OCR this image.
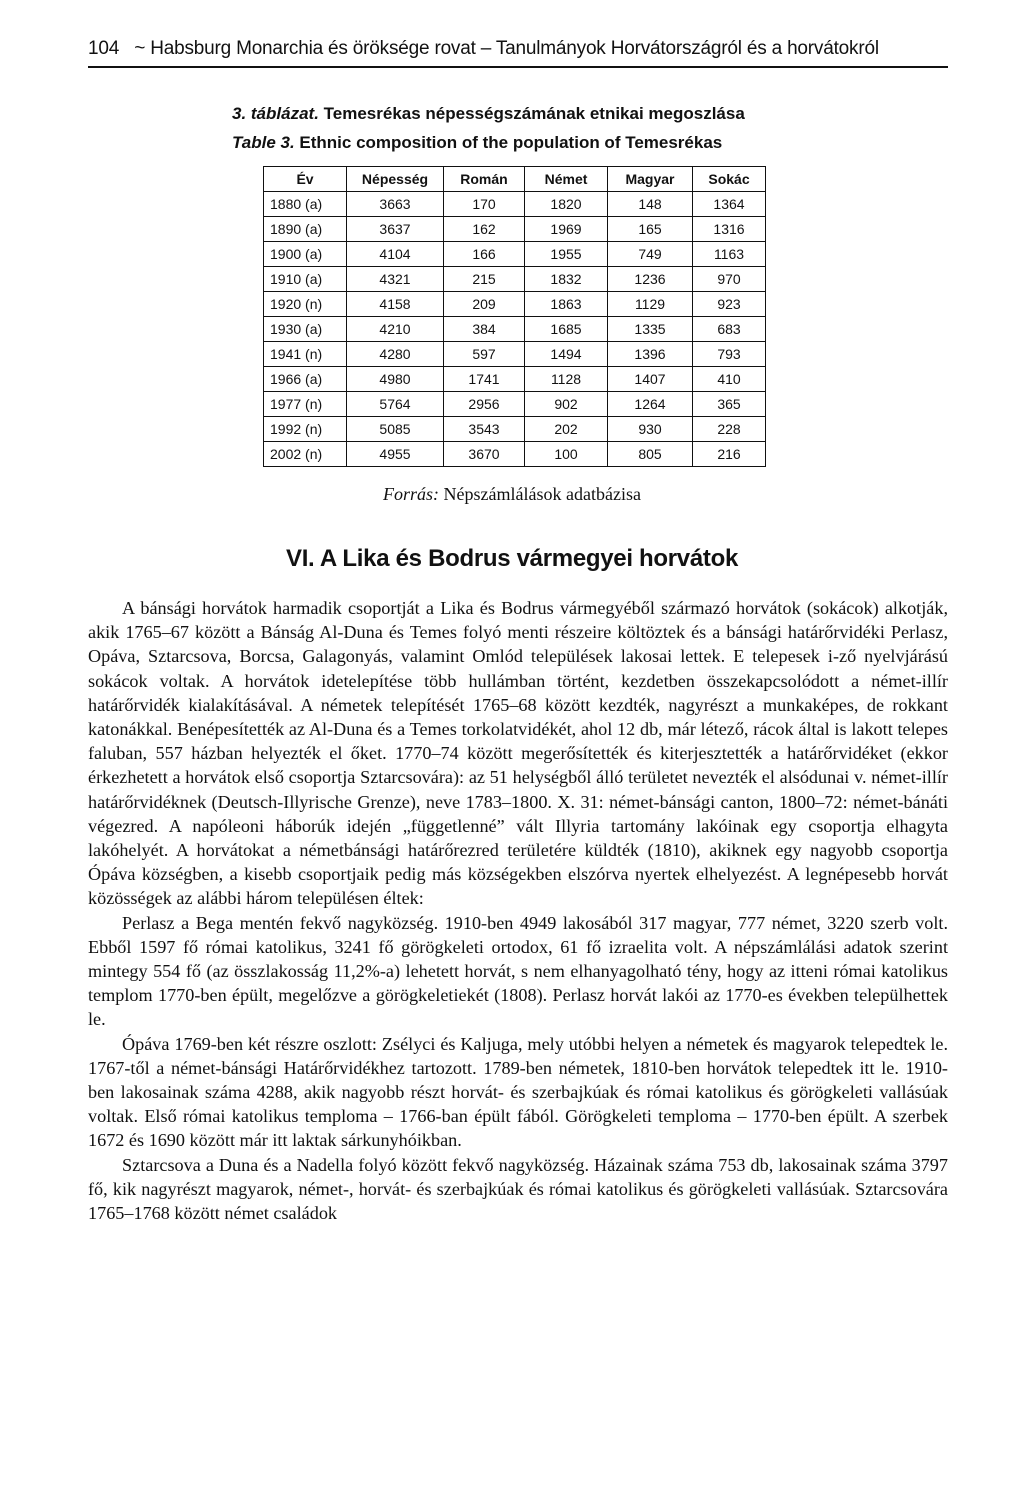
104 ~ Habsburg Monarchia és öröksége rovat – Tanulmányok Horvátországról és a horvátokról
3. táblázat. Temesrékas népességszámának etnikai megoszlása
Table 3. Ethnic composition of the population of Temesrékas
Év	Népesség	Román	Német	Magyar	Sokác
1880 (a)	3663	170	1820	148	1364
1890 (a)	3637	162	1969	165	1316
1900 (a)	4104	166	1955	749	1163
1910 (a)	4321	215	1832	1236	970
1920 (n)	4158	209	1863	1129	923
1930 (a)	4210	384	1685	1335	683
1941 (n)	4280	597	1494	1396	793
1966 (a)	4980	1741	1128	1407	410
1977 (n)	5764	2956	902	1264	365
1992 (n)	5085	3543	202	930	228
2002 (n)	4955	3670	100	805	216
Forrás: Népszámlálások adatbázisa
VI. A Lika és Bodrus vármegyei horvátok

A bánsági horvátok harmadik csoportját a Lika és Bodrus vármegyéből származó horvátok (sokácok) alkotják, akik 1765–67 között a Bánság Al-Duna és Temes folyó menti részeire költöztek és a bánsági határőrvidéki Perlasz, Opáva, Sztarcsova, Borcsa, Galagonyás, valamint Omlód települések lakosai lettek. E telepesek i-ző nyelvjárású sokácok voltak. A horvátok idetelepítése több hullámban történt, kezdetben összekapcsolódott a német-illír határőrvidék kialakításával. A németek telepítését 1765–68 között kezdték, nagyrészt a munkaképes, de rokkant katonákkal. Benépesítették az Al-Duna és a Temes torkolatvidékét, ahol 12 db, már létező, rácok által is lakott telepes faluban, 557 házban helyezték el őket. 1770–74 között megerősítették és kiterjesztették a határőrvidéket (ekkor érkezhetett a horvátok első csoportja Sztarcsovára): az 51 helységből álló területet nevezték el alsódunai v. német-illír határőrvidéknek (Deutsch-Illyrische Grenze), neve 1783–1800. X. 31: német-bánsági canton, 1800–72: német-bánáti végezred. A napóleoni háborúk idején „függetlenné” vált Illyria tartomány lakóinak egy csoportja elhagyta lakóhelyét. A horvátokat a németbánsági határőrezred területére küldték (1810), akiknek egy nagyobb csoportja Ópáva községben, a kisebb csoportjaik pedig más községekben elszórva nyertek elhelyezést. A legnépesebb horvát közösségek az alábbi három településen éltek:

Perlasz a Bega mentén fekvő nagyközség. 1910-ben 4949 lakosából 317 magyar, 777 német, 3220 szerb volt. Ebből 1597 fő római katolikus, 3241 fő görögkeleti ortodox, 61 fő izraelita volt. A népszámlálási adatok szerint mintegy 554 fő (az összlakosság 11,2%-a) lehetett horvát, s nem elhanyagolható tény, hogy az itteni római katolikus templom 1770-ben épült, megelőzve a görögkeletiekét (1808). Perlasz horvát lakói az 1770-es években települhettek le.

Ópáva 1769-ben két részre oszlott: Zsélyci és Kaljuga, mely utóbbi helyen a németek és magyarok telepedtek le. 1767-től a német-bánsági Határőrvidékhez tartozott. 1789-ben németek, 1810-ben horvátok telepedtek itt le. 1910-ben lakosainak száma 4288, akik nagyobb részt horvát- és szerbajkúak és római katolikus és görögkeleti vallásúak voltak. Első római katolikus temploma – 1766-ban épült fából. Görögkeleti temploma – 1770-ben épült. A szerbek 1672 és 1690 között már itt laktak sárkunyhóikban.

Sztarcsova a Duna és a Nadella folyó között fekvő nagyközség. Házainak száma 753 db, lakosainak száma 3797 fő, kik nagyrészt magyarok, német-, horvát- és szerbajkúak és római katolikus és görögkeleti vallásúak. Sztarcsovára 1765–1768 között német családok
